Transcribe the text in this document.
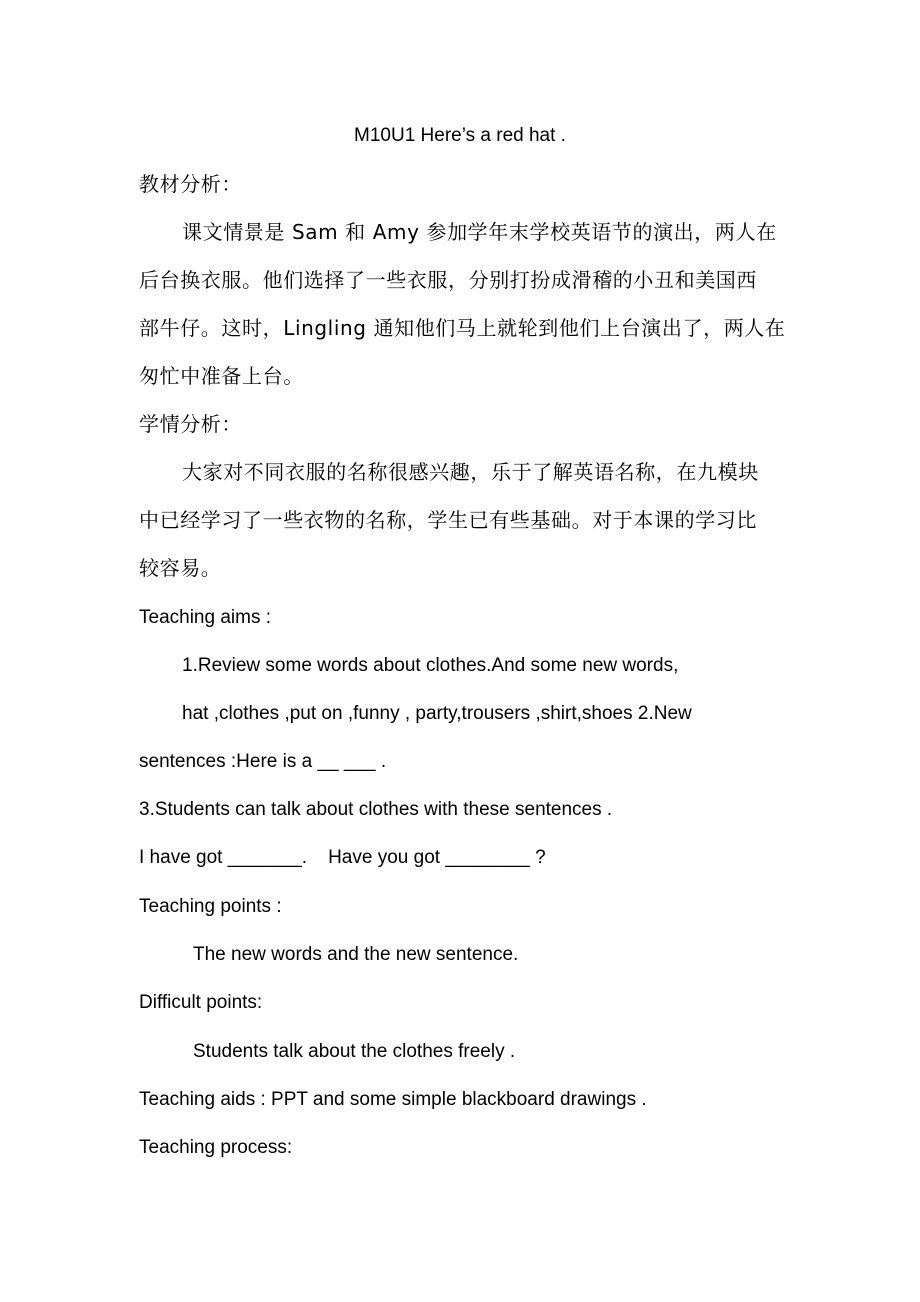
M10U1 Here’s a red hat .
教材分析：
课文情景是 Sam 和 Amy 参加学年末学校英语节的演出，两人在
后台换衣服。他们选择了一些衣服，分别打扮成滑稽的小丑和美国西
部牛仔。这时，Lingling 通知他们马上就轮到他们上台演出了，两人在
匆忙中准备上台。
学情分析：
大家对不同衣服的名称很感兴趣，乐于了解英语名称，在九模块
中已经学习了一些衣物的名称，学生已有些基础。对于本课的学习比
较容易。
Teaching aims :
1.Review some words about clothes.And some new words,
hat ,clothes ,put on ,funny , party,trousers ,shirt,shoes 2.New
sentences :Here is a __ ___ .
3.Students can talk about clothes with these sentences .
I have got _______.    Have you got ________ ?
Teaching points :
The new words and the new sentence.
Difficult points:
Students talk about the clothes freely .
Teaching aids : PPT and some simple blackboard drawings .
Teaching process:
